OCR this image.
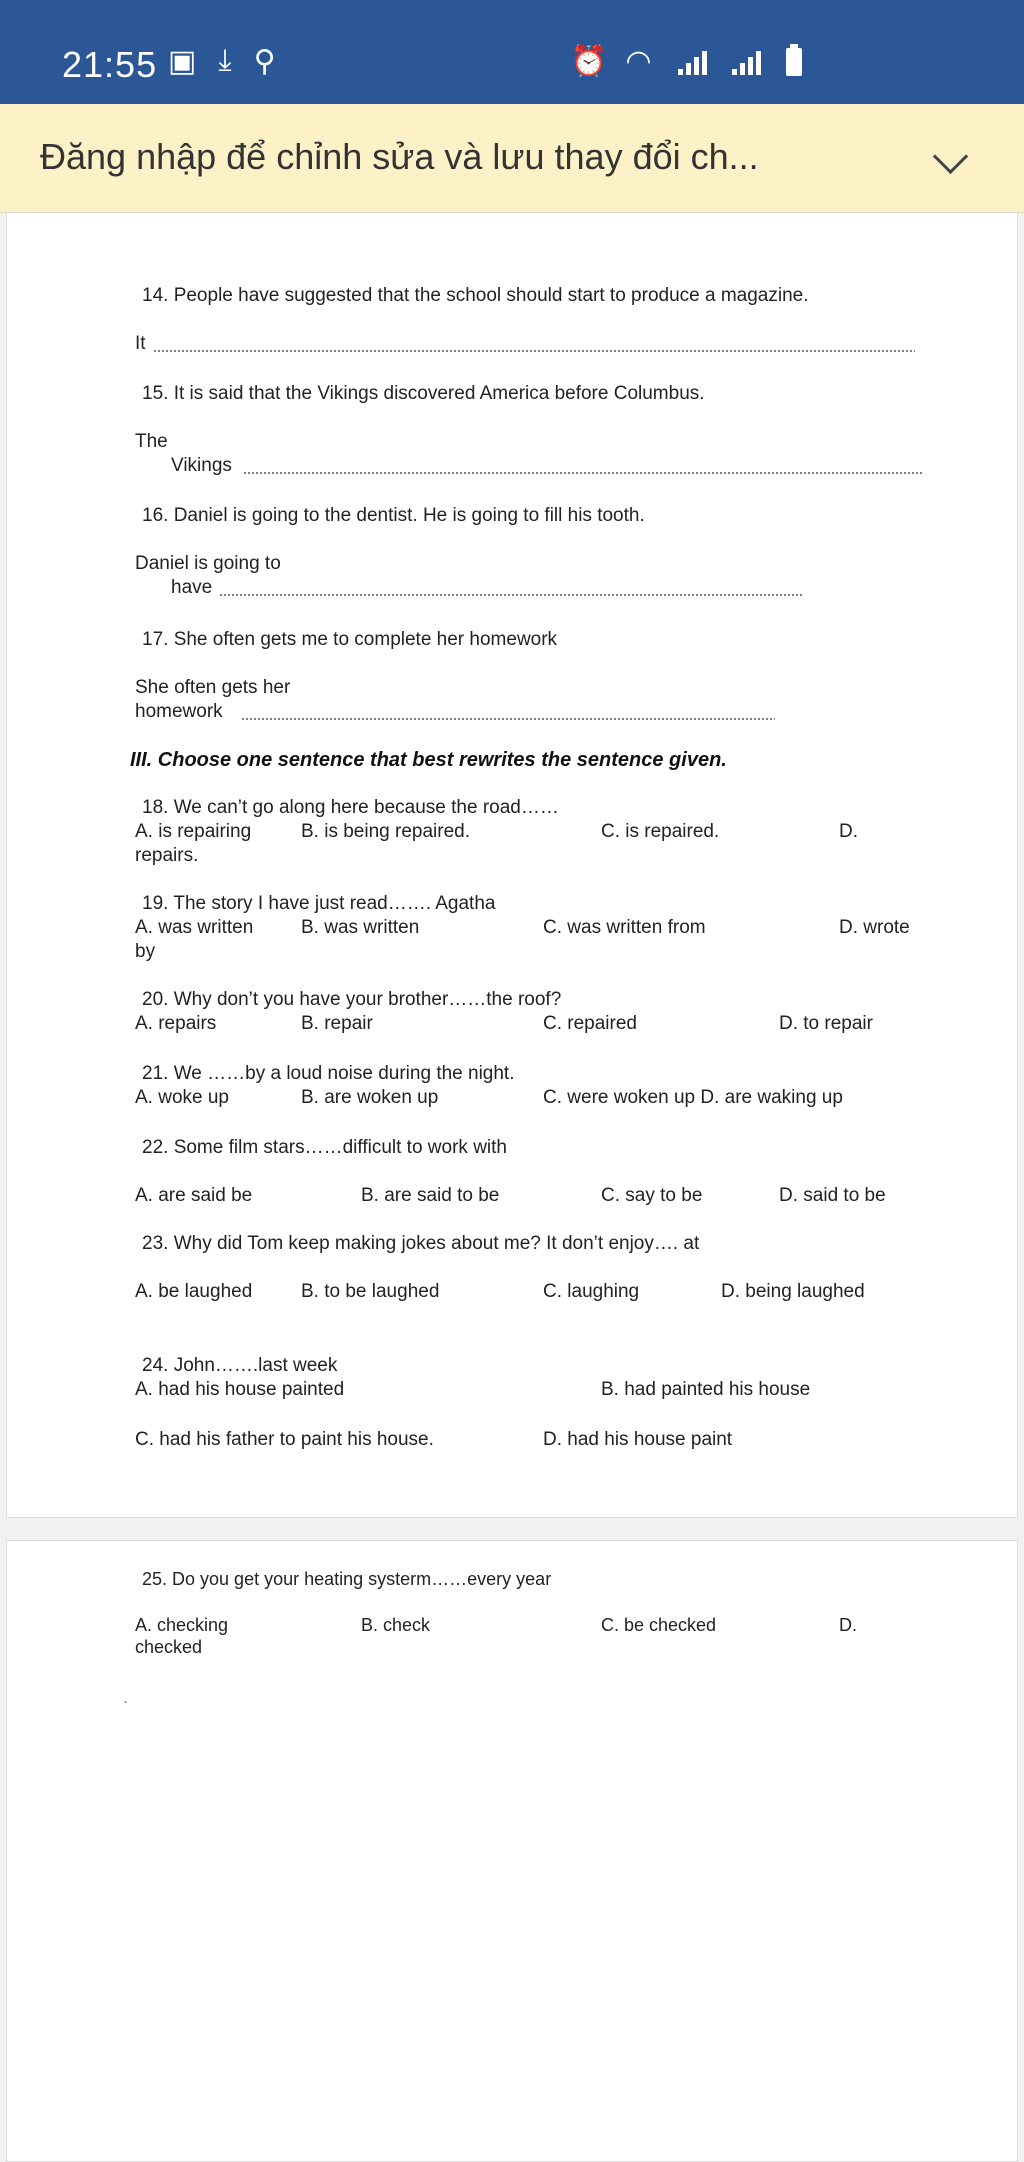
21:55 ▣ ⤓ ⚲	⏰ ◠
Đăng nhập để chỉnh sửa và lưu thay đổi ch...
14. People have suggested that the school should start to produce a magazine.
It
15. It is said that the Vikings discovered America before Columbus.
The
Vikings
16. Daniel is going to the dentist. He is going to fill his tooth.
Daniel is going to
have
17. She often gets me to complete her homework
She often gets her
homework
III. Choose one sentence that best rewrites the sentence given.
18. We can’t go along here because the road……
A. is repairing	B. is being repaired.	C. is repaired.	D.
repairs.
19. The story I have just read……. Agatha
A. was written	B. was written	C. was written from	D. wrote
by
20. Why don’t you have your brother……the roof?
A. repairs	B. repair	C. repaired	D. to repair
21. We ……by a loud noise during the night.
A. woke up	B. are woken up	C. were woken up D. are waking up
22. Some film stars……difficult to work with
A. are said be	B. are said to be	C. say to be	D. said to be
23. Why did Tom keep making jokes about me? It don’t enjoy…. at
A. be laughed	B. to be laughed	C. laughing	D. being laughed
24. John…….last week
A. had his house painted	B. had painted his house
C. had his father to paint his house.	D. had his house paint
25. Do you get your heating systerm……every year
A. checking	B. check	C. be checked	D.
checked
.
